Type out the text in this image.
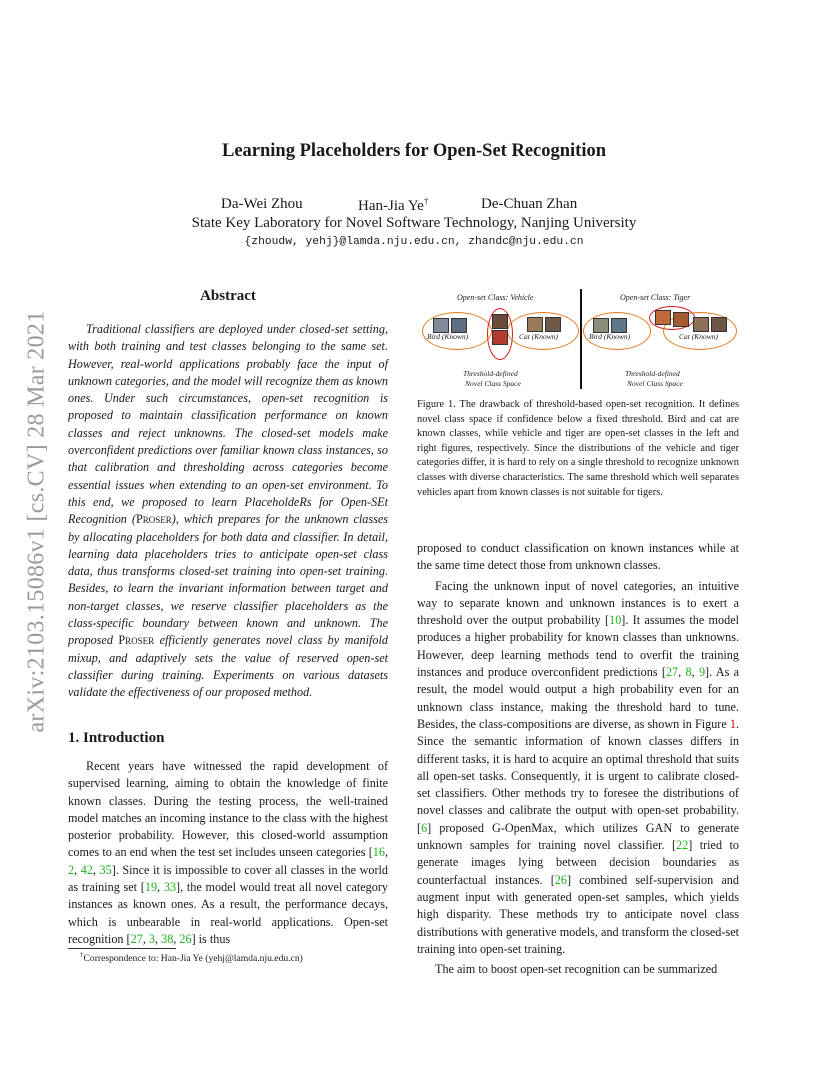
arXiv:2103.15086v1 [cs.CV] 28 Mar 2021
Learning Placeholders for Open-Set Recognition
Da-Wei Zhou	Han-Jia Ye†	De-Chuan Zhan
State Key Laboratory for Novel Software Technology, Nanjing University
{zhoudw, yehj}@lamda.nju.edu.cn, zhandc@nju.edu.cn
Abstract

Traditional classifiers are deployed under closed-set setting, with both training and test classes belonging to the same set. However, real-world applications probably face the input of unknown categories, and the model will recognize them as known ones. Under such circumstances, open-set recognition is proposed to maintain classification performance on known classes and reject unknowns. The closed-set models make overconfident predictions over familiar known class instances, so that calibration and thresholding across categories become essential issues when extending to an open-set environment. To this end, we proposed to learn PlaceholdeRs for Open-SEt Recognition (Proser), which prepares for the unknown classes by allocating placeholders for both data and classifier. In detail, learning data placeholders tries to anticipate open-set class data, thus transforms closed-set training into open-set training. Besides, to learn the invariant information between target and non-target classes, we reserve classifier placeholders as the class-specific boundary between known and unknown. The proposed Proser efficiently generates novel class by manifold mixup, and adaptively sets the value of reserved open-set classifier during training. Experiments on various datasets validate the effectiveness of our proposed method.

1. Introduction

Recent years have witnessed the rapid development of supervised learning, aiming to obtain the knowledge of finite known classes. During the testing process, the well-trained model matches an incoming instance to the class with the highest posterior probability. However, this closed-world assumption comes to an end when the test set includes unseen categories [16, 2, 42, 35]. Since it is impossible to cover all classes in the world as training set [19, 33], the model would treat all novel category instances as known ones. As a result, the performance decays, which is unbearable in real-world applications. Open-set recognition [27, 3, 38, 26] is thus

†Correspondence to: Han-Jia Ye (yehj@lamda.nju.edu.cn)
Open-set Class: Vehicle
Bird (Known)	Cat (Known)
Threshold-defined
Novel Class Space
Open-set Class: Tiger
Bird (Known)	Cat (Known)
Threshold-defined
Novel Class Space
Figure 1. The drawback of threshold-based open-set recognition. It defines novel class space if confidence below a fixed threshold. Bird and cat are known classes, while vehicle and tiger are open-set classes in the left and right figures, respectively. Since the distributions of the vehicle and tiger categories differ, it is hard to rely on a single threshold to recognize unknown classes with diverse characteristics. The same threshold which well separates vehicles apart from known classes is not suitable for tigers.

proposed to conduct classification on known instances while at the same time detect those from unknown classes.

Facing the unknown input of novel categories, an intuitive way to separate known and unknown instances is to exert a threshold over the output probability [10]. It assumes the model produces a higher probability for known classes than unknowns. However, deep learning methods tend to overfit the training instances and produce overconfident predictions [27, 8, 9]. As a result, the model would output a high probability even for an unknown class instance, making the threshold hard to tune. Besides, the class-compositions are diverse, as shown in Figure 1. Since the semantic information of known classes differs in different tasks, it is hard to acquire an optimal threshold that suits all open-set tasks. Consequently, it is urgent to calibrate closed-set classifiers. Other methods try to foresee the distributions of novel classes and calibrate the output with open-set probability. [6] proposed G-OpenMax, which utilizes GAN to generate unknown samples for training novel classifier. [22] tried to generate images lying between decision boundaries as counterfactual instances. [26] combined self-supervision and augment input with generated open-set samples, which yields high disparity. These methods try to anticipate novel class distributions with generative models, and transform the closed-set training into open-set training.

The aim to boost open-set recognition can be summarized
